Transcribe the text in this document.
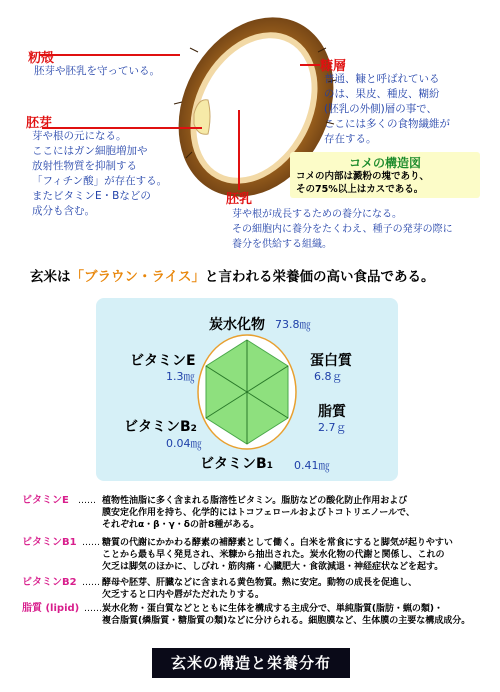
籾殻
胚芽や胚乳を守っている。	糠層
普通、糠と呼ばれている
のは、果皮、種皮、糊紛
(胚乳の外側)層の事で、
ここには多くの食物繊維が
存在する。
胚芽
芽や根の元になる。
ここにはガン細胞増加や
放射性物質を抑制する
「フィチン酸」が存在する。
またビタミンE・Bなどの
成分も含む。
胚乳
芽や根が成長するための養分になる。
その細胞内に養分をたくわえ、種子の発芽の際に
養分を供給する組織。
コメの構造図
コメの内部は澱粉の塊であり、
その75%以上はカスである。
玄米は「ブラウン・ライス」と言われる栄養価の高い食品である。
炭水化物 73.8㎎
蛋白質
6.8ｇ
脂質
2.7ｇ
ビタミンB1 0.41㎎
ビタミンB2
0.04㎎
ビタミンE
1.3㎎
ビタミンE …… 植物性油脂に多く含まれる脂溶性ビタミン。脂肪などの酸化防止作用および
膜安定化作用を持ち、化学的にはトコフェロールおよびトコトリエノールで、
それぞれα・β・γ・δの計8種がある。
ビタミンB1 …… 糖質の代謝にかかわる酵素の補酵素として働く。白米を常食にすると脚気が起りやすい
ことから最も早く発見され、米糠から抽出された。炭水化物の代謝と関係し、これの
欠乏は脚気のほかに、しびれ・筋肉痛・心臓肥大・食欲減退・神経症状などを起す。
ビタミンB2 …… 酵母や胚芽、肝臓などに含まれる黄色物質。熱に安定。動物の成長を促進し、
欠乏すると口内や唇がただれたりする。
脂質 (lipid) …… 炭水化物・蛋白質などとともに生体を構成する主成分で、単純脂質(脂肪・蝋の類)・
複合脂質(燐脂質・糖脂質の類)などに分けられる。細胞膜など、生体膜の主要な構成成分。
玄米の構造と栄養分布
